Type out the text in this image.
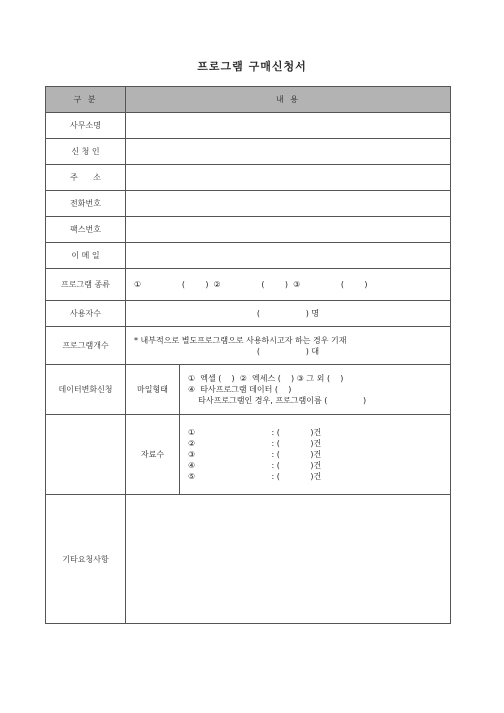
프로그램 구매신청서
구 분	내 용	
사무소명		
신 청 인		
주      소		
전화번호		
팩스번호		
이 메 일		
프로그램 종류	①                (        )  ②                (        )  ③                (        )	
사용자수	(                  ) 명	
프로그램개수	* 내부적으로 별도프로그램으로 사용하시고자 하는 경우 기재
(                  ) 대	

데이터변화신청	마일형태	①  엑셀 (    )  ②  엑세스 (    ) ③ 그 외 (    )
④  타사프로그램 데이터 (    )
타사프로그램인 경우, 프로그램이름 (              )

	자료수	①                              : (            )건
②                              : (            )건
③                              : (            )건
④                              : (            )건
⑤                              : (            )건

기타요청사항		
